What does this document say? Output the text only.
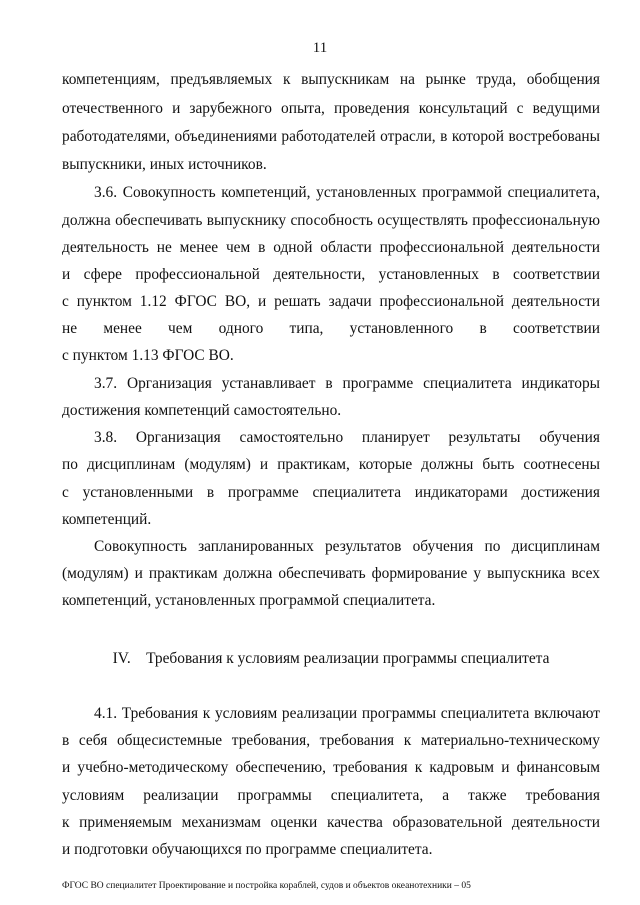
11
компетенциям, предъявляемых к выпускникам на рынке труда, обобщения
отечественного и зарубежного опыта, проведения консультаций с ведущими
работодателями, объединениями работодателей отрасли, в которой востребованы
выпускники, иных источников.
3.6. Совокупность компетенций, установленных программой специалитета,
должна обеспечивать выпускнику способность осуществлять профессиональную
деятельность не менее чем в одной области профессиональной деятельности
и сфере профессиональной деятельности, установленных в соответствии
с пунктом 1.12 ФГОС ВО, и решать задачи профессиональной деятельности
не менее чем одного типа, установленного в соответствии
с пунктом 1.13 ФГОС ВО.
3.7. Организация устанавливает в программе специалитета индикаторы
достижения компетенций самостоятельно.
3.8. Организация самостоятельно планирует результаты обучения
по дисциплинам (модулям) и практикам, которые должны быть соотнесены
с установленными в программе специалитета индикаторами достижения
компетенций.
Совокупность запланированных результатов обучения по дисциплинам
(модулям) и практикам должна обеспечивать формирование у выпускника всех
компетенций, установленных программой специалитета.
IV.    Требования к условиям реализации программы специалитета
4.1. Требования к условиям реализации программы специалитета включают
в себя общесистемные требования, требования к материально-техническому
и учебно-методическому обеспечению, требования к кадровым и финансовым
условиям реализации программы специалитета, а также требования
к применяемым механизмам оценки качества образовательной деятельности
и подготовки обучающихся по программе специалитета.
ФГОС ВО специалитет Проектирование и постройка кораблей, судов и объектов океанотехники – 05
